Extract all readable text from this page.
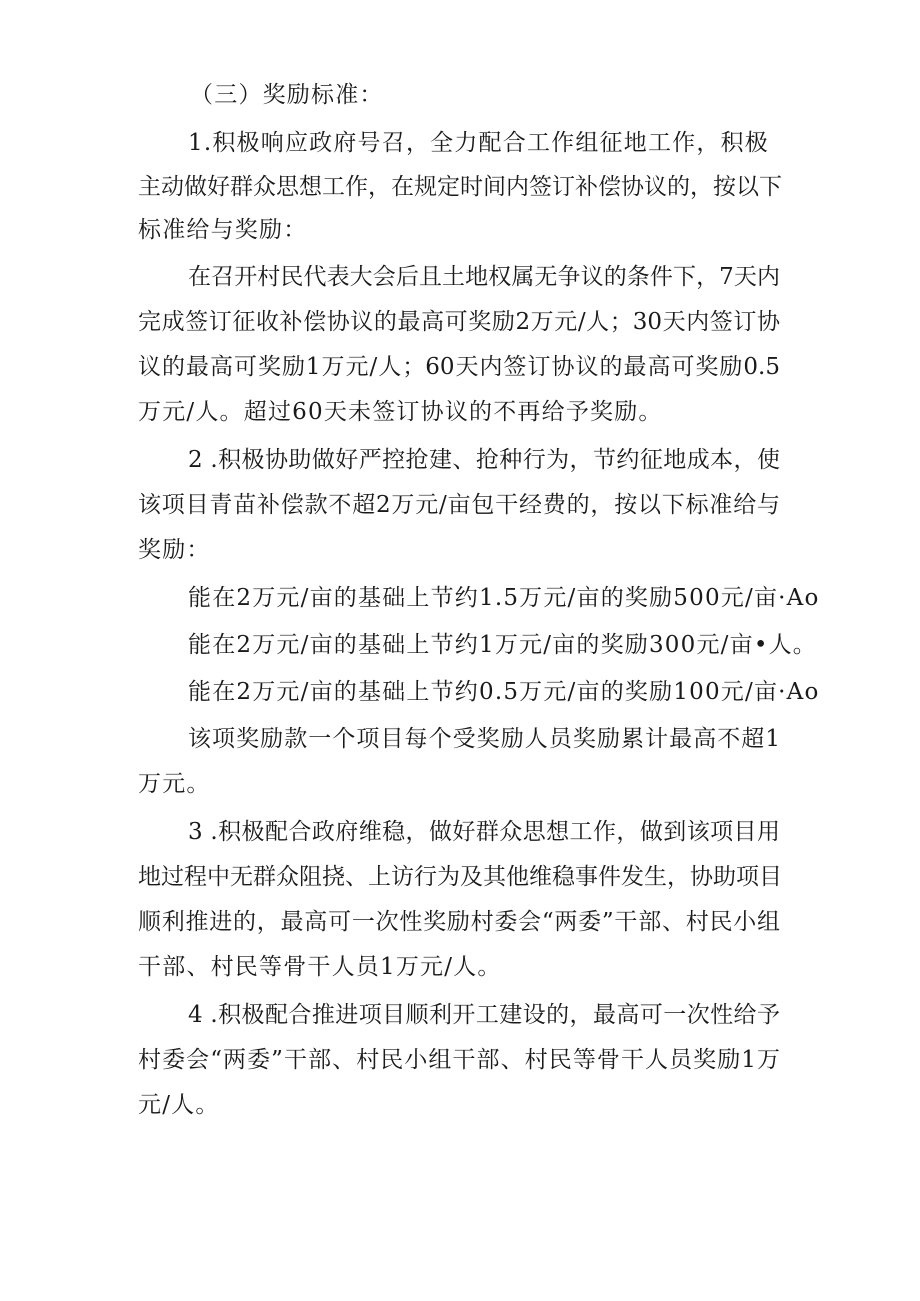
（三）奖励标准：
1.积极响应政府号召，全力配合工作组征地工作，积极
主动做好群众思想工作，在规定时间内签订补偿协议的，按以下
标准给与奖励：
在召开村民代表大会后且土地权属无争议的条件下，7天内
完成签订征收补偿协议的最高可奖励2万元/人；30天内签订协
议的最高可奖励1万元/人；60天内签订协议的最高可奖励0.5
万元/人。超过60天未签订协议的不再给予奖励。
2 .积极协助做好严控抢建、抢种行为，节约征地成本，使
该项目青苗补偿款不超2万元/亩包干经费的，按以下标准给与
奖励：
能在2万元/亩的基础上节约1.5万元/亩的奖励500元/亩·Ao
能在2万元/亩的基础上节约1万元/亩的奖励300元/亩•人。
能在2万元/亩的基础上节约0.5万元/亩的奖励100元/亩·Ao
该项奖励款一个项目每个受奖励人员奖励累计最高不超1
万元。
3 .积极配合政府维稳，做好群众思想工作，做到该项目用
地过程中无群众阻挠、上访行为及其他维稳事件发生，协助项目
顺利推进的，最高可一次性奖励村委会“两委”干部、村民小组
干部、村民等骨干人员1万元/人。
4 .积极配合推进项目顺利开工建设的，最高可一次性给予
村委会“两委”干部、村民小组干部、村民等骨干人员奖励1万
元/人。
